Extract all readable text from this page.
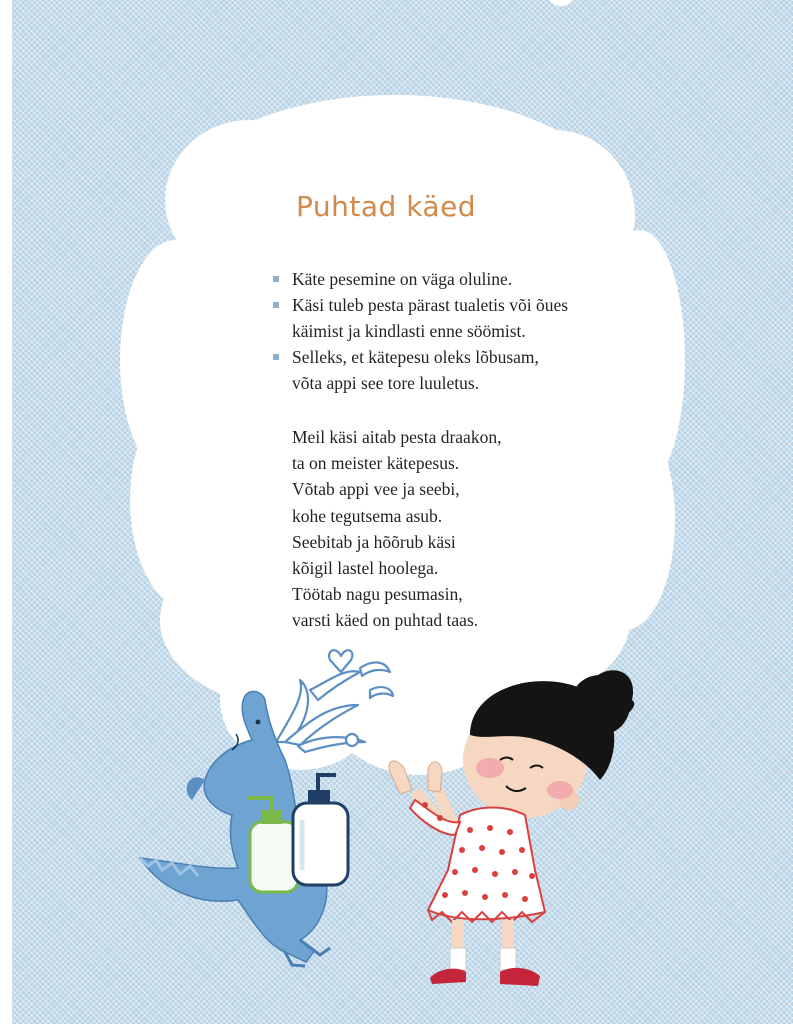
Puhtad käed
Käte pesemine on väga oluline.
Käsi tuleb pesta pärast tualetis või õues
käimist ja kindlasti enne söömist.
Selleks, et kätepesu oleks lõbusam,
võta appi see tore luuletus.
Meil käsi aitab pesta draakon,
ta on meister kätepesus.
Võtab appi vee ja seebi,
kohe tegutsema asub.
Seebitab ja hõõrub käsi
kõigil lastel hoolega.
Töötab nagu pesumasin,
varsti käed on puhtad taas.
